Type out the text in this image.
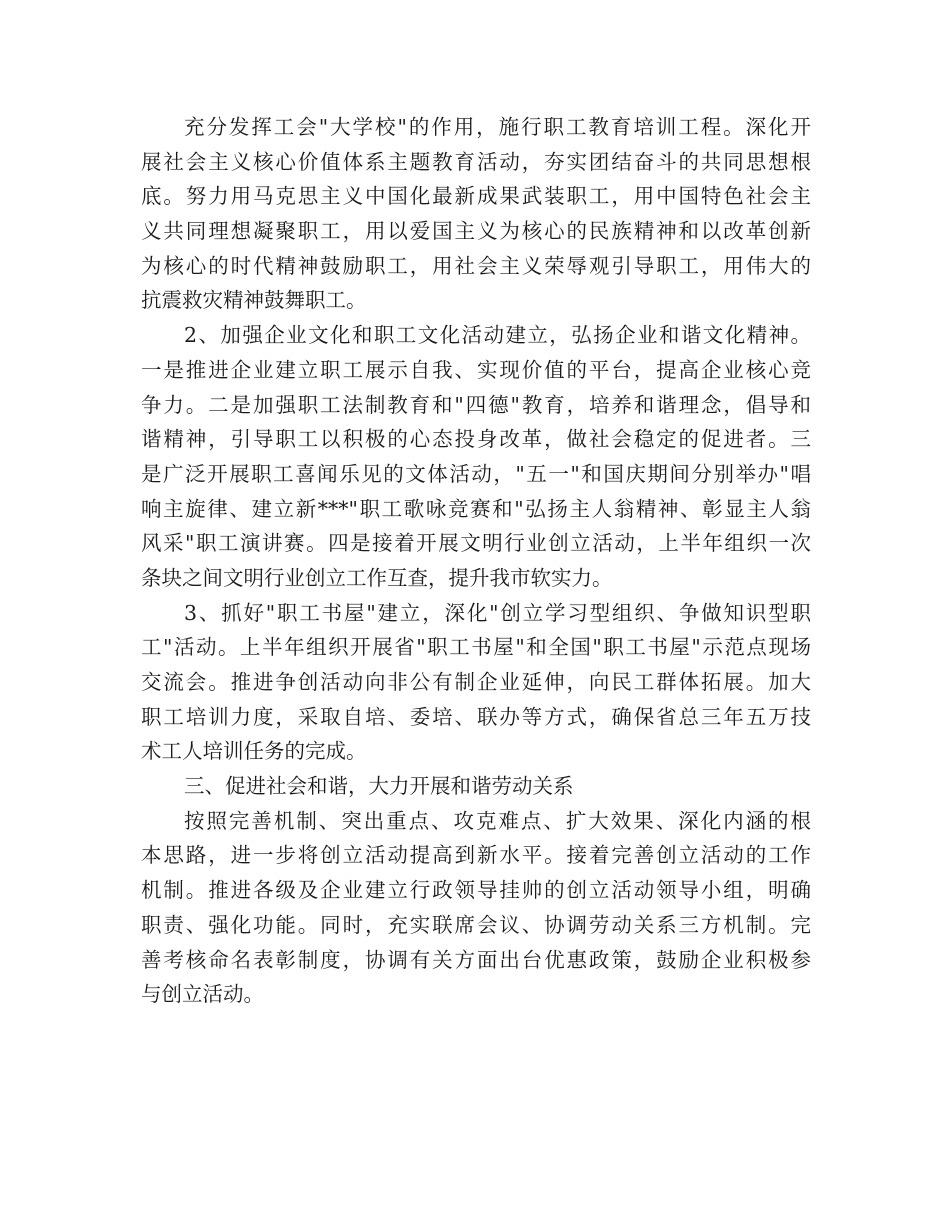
充分发挥工会"大学校"的作用，施行职工教育培训工程。深化开
展社会主义核心价值体系主题教育活动，夯实团结奋斗的共同思想根
底。努力用马克思主义中国化最新成果武装职工，用中国特色社会主
义共同理想凝聚职工，用以爱国主义为核心的民族精神和以改革创新
为核心的时代精神鼓励职工，用社会主义荣辱观引导职工，用伟大的
抗震救灾精神鼓舞职工。
2、加强企业文化和职工文化活动建立，弘扬企业和谐文化精神。
一是推进企业建立职工展示自我、实现价值的平台，提高企业核心竞
争力。二是加强职工法制教育和"四德"教育，培养和谐理念，倡导和
谐精神，引导职工以积极的心态投身改革，做社会稳定的促进者。三
是广泛开展职工喜闻乐见的文体活动，"五一"和国庆期间分别举办"唱
响主旋律、建立新***"职工歌咏竞赛和"弘扬主人翁精神、彰显主人翁
风采"职工演讲赛。四是接着开展文明行业创立活动，上半年组织一次
条块之间文明行业创立工作互查，提升我市软实力。
3、抓好"职工书屋"建立，深化"创立学习型组织、争做知识型职
工"活动。上半年组织开展省"职工书屋"和全国"职工书屋"示范点现场
交流会。推进争创活动向非公有制企业延伸，向民工群体拓展。加大
职工培训力度，采取自培、委培、联办等方式，确保省总三年五万技
术工人培训任务的完成。
三、促进社会和谐，大力开展和谐劳动关系
按照完善机制、突出重点、攻克难点、扩大效果、深化内涵的根
本思路，进一步将创立活动提高到新水平。接着完善创立活动的工作
机制。推进各级及企业建立行政领导挂帅的创立活动领导小组，明确
职责、强化功能。同时，充实联席会议、协调劳动关系三方机制。完
善考核命名表彰制度，协调有关方面出台优惠政策，鼓励企业积极参
与创立活动。
